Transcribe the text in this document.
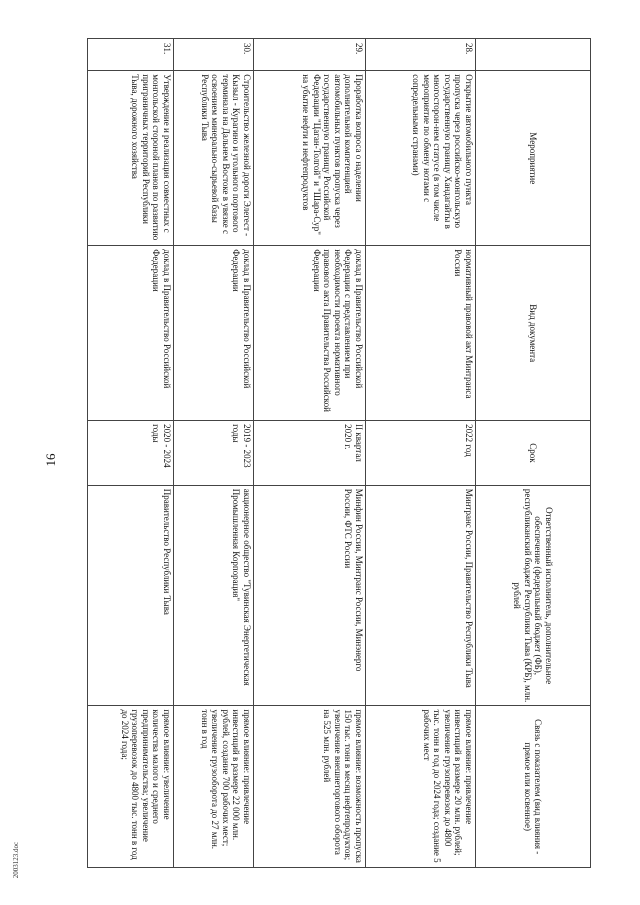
16
2003123.doc
	Мероприятие	Вид документа	Срок	Ответственный исполнитель, дополнительное обеспечение (федеральный бюджет (ФБ), республиканский бюджет Республики Тыва (КРБ), млн. рублей	Связь с показателем (вид влияния - прямое или косвенное)
28.	Открытие автомобильного пункта пропуска через российско-монгольскую государственную границу Хандагайты в многосторон-нем статусе (в том числе мероприятие по обмену нотами с сопредельными странами)	нормативный правовой акт Минтранса России	2022 год	Минтранс России, Правительство Республики Тыва	прямое влияние: привлечение инвестиций в размере 20 млн. рублей; увеличение грузоперевозок до 4800 тыс. тонн в год до 2024 года; создание 5 рабочих мест
29.	Проработка вопроса о наделении дополнительной компетенцией автомобильных пунктов пропуска через государственную границу Российской Федерации "Цаган-Толгой" и "Шара-Сур" на убытие нефти и нефтепродуктов	доклад в Правительство Российской Федерации с представлением при необходимости проекта нормативного правового акта Правительства Российской Федерации	II квартал 2020 г.	Минфин России, Минтранс России, Минэнерго России, ФТС России	прямое влияние: возможность пропуска 150 тыс. тонн в месяц нефтепродуктов; увеличение внешнеторгового оборота на 525 млн. рублей
30.	Строительство железной дороги Элегест - Кызыл - Курагино и угольного портового терминала на Дальнем Востоке в увязке с освоением минерально-сырьевой базы Республики Тыва	доклад в Правительство Российской Федерации	2019 - 2023 годы	акционерное общество "Тувинская Энергетическая Промышленная Корпорация"	прямое влияние: привлечение инвестиций в размере 22 000 млн. рублей, создание 700 рабочих мест; увеличение грузооборота до 27 млн. тонн в год
31.	Утверждение и реализация совместных с монгольской стороной планов по развитию приграничных территорий Республики Тыва, дорожного хозяйства	доклад в Правительство Российской Федерации	2020 - 2024 годы	Правительство Республики Тыва	прямое влияние: увеличение количества малого и среднего предпринимательства; увеличение грузоперевозок до 4800 тыс. тонн в год до 2024 года;
